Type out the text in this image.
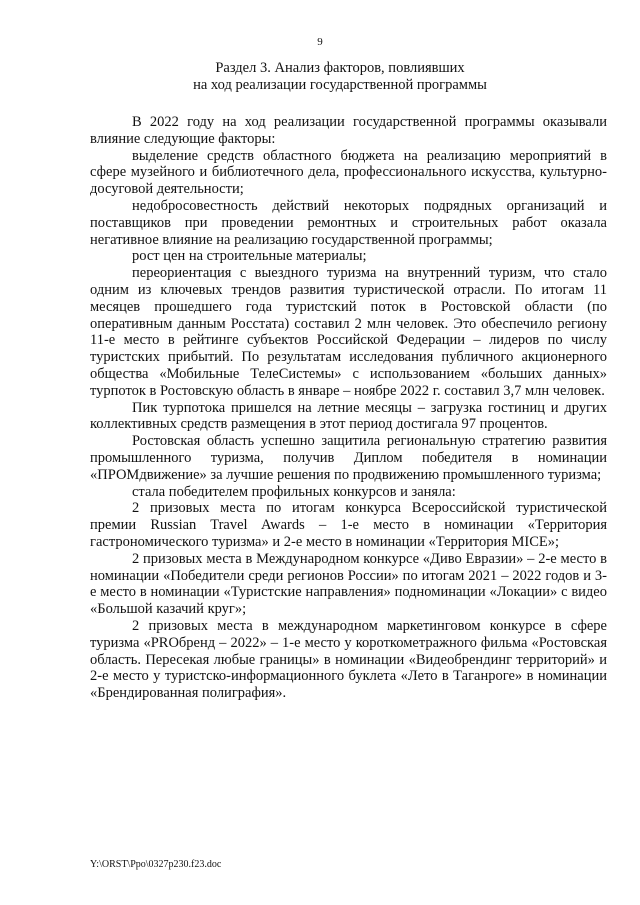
9
Раздел 3. Анализ факторов, повлиявших
на ход реализации государственной программы

В 2022 году на ход реализации государственной программы оказывали влияние следующие факторы:

выделение средств областного бюджета на реализацию мероприятий в сфере музейного и библиотечного дела, профессионального искусства, культурно-досуговой деятельности;

недобросовестность действий некоторых подрядных организаций и поставщиков при проведении ремонтных и строительных работ оказала негативное влияние на реализацию государственной программы;

рост цен на строительные материалы;

переориентация с выездного туризма на внутренний туризм, что стало одним из ключевых трендов развития туристической отрасли. По итогам 11 месяцев прошедшего года туристский поток в Ростовской области (по оперативным данным Росстата) составил 2 млн человек. Это обеспечило региону 11-е место в рейтинге субъектов Российской Федерации – лидеров по числу туристских прибытий. По результатам исследования публичного акционерного общества «Мобильные ТелеСистемы» с использованием «больших данных» турпоток в Ростовскую область в январе – ноябре 2022 г. составил 3,7 млн человек.

Пик турпотока пришелся на летние месяцы – загрузка гостиниц и других коллективных средств размещения в этот период достигала 97 процентов.

Ростовская область успешно защитила региональную стратегию развития промышленного туризма, получив Диплом победителя в номинации «ПРОМдвижение» за лучшие решения по продвижению промышленного туризма;

стала победителем профильных конкурсов и заняла:

2 призовых места по итогам конкурса Всероссийской туристической премии Russian Travel Awards – 1-е место в номинации «Территория гастрономического туризма» и 2-е место в номинации «Территория MICE»;

2 призовых места в Международном конкурсе «Диво Евразии» – 2-е место в номинации «Победители среди регионов России» по итогам 2021 – 2022 годов и 3-е место в номинации «Туристские направления» подноминации «Локации» с видео «Большой казачий круг»;

2 призовых места в международном маркетинговом конкурсе в сфере туризма «PROбренд – 2022» – 1-е место у короткометражного фильма «Ростовская область. Пересекая любые границы» в номинации «Видеобрендинг территорий» и 2-е место у туристско-информационного буклета «Лето в Таганроге» в номинации «Брендированная полиграфия».

Y:\ORST\Ppo\0327p230.f23.doc
